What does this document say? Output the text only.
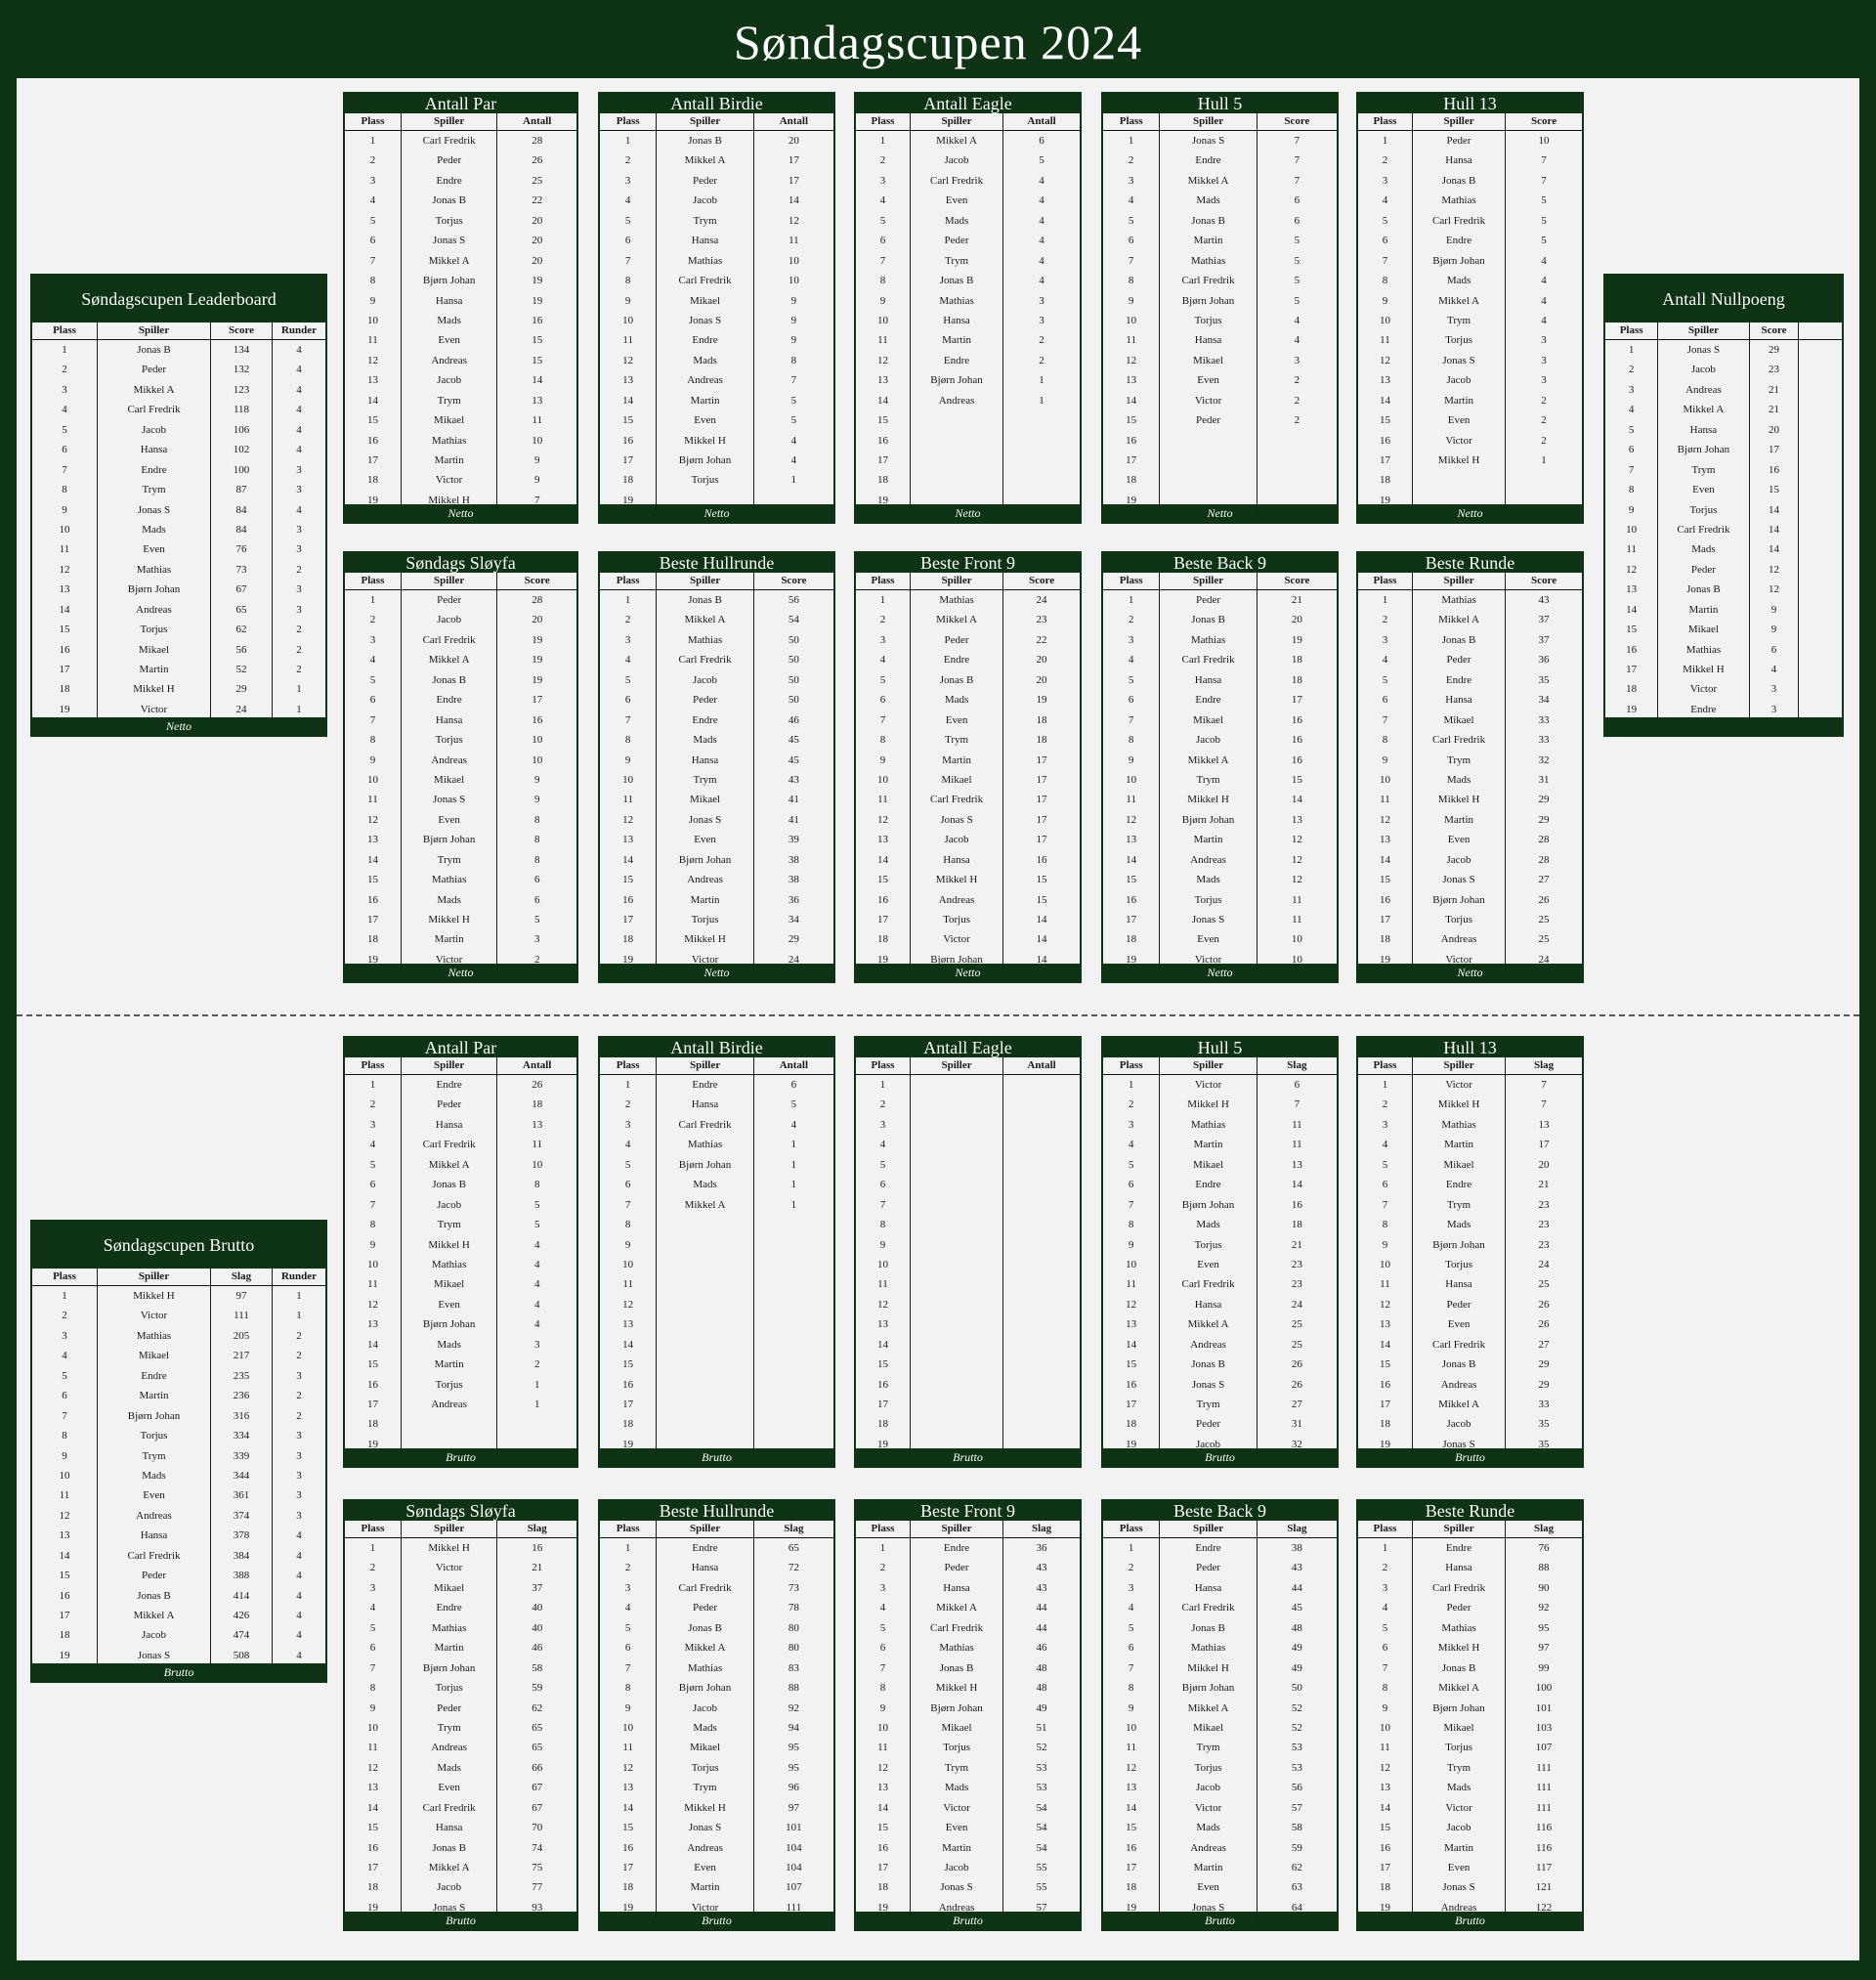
Søndagscupen 2024
Søndagscupen Leaderboard
Plass	Spiller	Score	Runder
1	Jonas B	134	4
2	Peder	132	4
3	Mikkel A	123	4
4	Carl Fredrik	118	4
5	Jacob	106	4
6	Hansa	102	4
7	Endre	100	3
8	Trym	87	3
9	Jonas S	84	4
10	Mads	84	3
11	Even	76	3
12	Mathias	73	2
13	Bjørn Johan	67	3
14	Andreas	65	3
15	Torjus	62	2
16	Mikael	56	2
17	Martin	52	2
18	Mikkel H	29	1
19	Victor	24	1
Netto
Søndagscupen Brutto
Plass	Spiller	Slag	Runder
1	Mikkel H	97	1
2	Victor	111	1
3	Mathias	205	2
4	Mikael	217	2
5	Endre	235	3
6	Martin	236	2
7	Bjørn Johan	316	2
8	Torjus	334	3
9	Trym	339	3
10	Mads	344	3
11	Even	361	3
12	Andreas	374	3
13	Hansa	378	4
14	Carl Fredrik	384	4
15	Peder	388	4
16	Jonas B	414	4
17	Mikkel A	426	4
18	Jacob	474	4
19	Jonas S	508	4
Brutto
Antall Nullpoeng
Plass	Spiller	Score
1	Jonas S	29
2	Jacob	23
3	Andreas	21
4	Mikkel A	21
5	Hansa	20
6	Bjørn Johan	17
7	Trym	16
8	Even	15
9	Torjus	14
10	Carl Fredrik	14
11	Mads	14
12	Peder	12
13	Jonas B	12
14	Martin	9
15	Mikael	9
16	Mathias	6
17	Mikkel H	4
18	Victor	3
19	Endre	3
Antall Par
Plass	Spiller	Antall
1	Carl Fredrik	28
2	Peder	26
3	Endre	25
4	Jonas B	22
5	Torjus	20
6	Jonas S	20
7	Mikkel A	20
8	Bjørn Johan	19
9	Hansa	19
10	Mads	16
11	Even	15
12	Andreas	15
13	Jacob	14
14	Trym	13
15	Mikael	11
16	Mathias	10
17	Martin	9
18	Victor	9
19	Mikkel H	7
Netto
Antall Birdie
Plass	Spiller	Antall
1	Jonas B	20
2	Mikkel A	17
3	Peder	17
4	Jacob	14
5	Trym	12
6	Hansa	11
7	Mathias	10
8	Carl Fredrik	10
9	Mikael	9
10	Jonas S	9
11	Endre	9
12	Mads	8
13	Andreas	7
14	Martin	5
15	Even	5
16	Mikkel H	4
17	Bjørn Johan	4
18	Torjus	1
19
Netto
Antall Eagle
Plass	Spiller	Antall
1	Mikkel A	6
2	Jacob	5
3	Carl Fredrik	4
4	Even	4
5	Mads	4
6	Peder	4
7	Trym	4
8	Jonas B	4
9	Mathias	3
10	Hansa	3
11	Martin	2
12	Endre	2
13	Bjørn Johan	1
14	Andreas	1
15
16
17
18
19
Netto
Hull 5
Plass	Spiller	Score
1	Jonas S	7
2	Endre	7
3	Mikkel A	7
4	Mads	6
5	Jonas B	6
6	Martin	5
7	Mathias	5
8	Carl Fredrik	5
9	Bjørn Johan	5
10	Torjus	4
11	Hansa	4
12	Mikael	3
13	Even	2
14	Victor	2
15	Peder	2
16
17
18
19
Netto
Hull 13
Plass	Spiller	Score
1	Peder	10
2	Hansa	7
3	Jonas B	7
4	Mathias	5
5	Carl Fredrik	5
6	Endre	5
7	Bjørn Johan	4
8	Mads	4
9	Mikkel A	4
10	Trym	4
11	Torjus	3
12	Jonas S	3
13	Jacob	3
14	Martin	2
15	Even	2
16	Victor	2
17	Mikkel H	1
18
19
Netto
Søndags Sløyfa
Plass	Spiller	Score
1	Peder	28
2	Jacob	20
3	Carl Fredrik	19
4	Mikkel A	19
5	Jonas B	19
6	Endre	17
7	Hansa	16
8	Torjus	10
9	Andreas	10
10	Mikael	9
11	Jonas S	9
12	Even	8
13	Bjørn Johan	8
14	Trym	8
15	Mathias	6
16	Mads	6
17	Mikkel H	5
18	Martin	3
19	Victor	2
Netto
Beste Hullrunde
Plass	Spiller	Score
1	Jonas B	56
2	Mikkel A	54
3	Mathias	50
4	Carl Fredrik	50
5	Jacob	50
6	Peder	50
7	Endre	46
8	Mads	45
9	Hansa	45
10	Trym	43
11	Mikael	41
12	Jonas S	41
13	Even	39
14	Bjørn Johan	38
15	Andreas	38
16	Martin	36
17	Torjus	34
18	Mikkel H	29
19	Victor	24
Netto
Beste Front 9
Plass	Spiller	Score
1	Mathias	24
2	Mikkel A	23
3	Peder	22
4	Endre	20
5	Jonas B	20
6	Mads	19
7	Even	18
8	Trym	18
9	Martin	17
10	Mikael	17
11	Carl Fredrik	17
12	Jonas S	17
13	Jacob	17
14	Hansa	16
15	Mikkel H	15
16	Andreas	15
17	Torjus	14
18	Victor	14
19	Bjørn Johan	14
Netto
Beste Back 9
Plass	Spiller	Score
1	Peder	21
2	Jonas B	20
3	Mathias	19
4	Carl Fredrik	18
5	Hansa	18
6	Endre	17
7	Mikael	16
8	Jacob	16
9	Mikkel A	16
10	Trym	15
11	Mikkel H	14
12	Bjørn Johan	13
13	Martin	12
14	Andreas	12
15	Mads	12
16	Torjus	11
17	Jonas S	11
18	Even	10
19	Victor	10
Netto
Beste Runde
Plass	Spiller	Score
1	Mathias	43
2	Mikkel A	37
3	Jonas B	37
4	Peder	36
5	Endre	35
6	Hansa	34
7	Mikael	33
8	Carl Fredrik	33
9	Trym	32
10	Mads	31
11	Mikkel H	29
12	Martin	29
13	Even	28
14	Jacob	28
15	Jonas S	27
16	Bjørn Johan	26
17	Torjus	25
18	Andreas	25
19	Victor	24
Netto
Antall Par
Plass	Spiller	Antall
1	Endre	26
2	Peder	18
3	Hansa	13
4	Carl Fredrik	11
5	Mikkel A	10
6	Jonas B	8
7	Jacob	5
8	Trym	5
9	Mikkel H	4
10	Mathias	4
11	Mikael	4
12	Even	4
13	Bjørn Johan	4
14	Mads	3
15	Martin	2
16	Torjus	1
17	Andreas	1
18
19
Brutto
Antall Birdie
Plass	Spiller	Antall
1	Endre	6
2	Hansa	5
3	Carl Fredrik	4
4	Mathias	1
5	Bjørn Johan	1
6	Mads	1
7	Mikkel A	1
8
9
10
11
12
13
14
15
16
17
18
19
Brutto
Antall Eagle
Plass	Spiller	Antall
1
2
3
4
5
6
7
8
9
10
11
12
13
14
15
16
17
18
19
Brutto
Hull 5
Plass	Spiller	Slag
1	Victor	6
2	Mikkel H	7
3	Mathias	11
4	Martin	11
5	Mikael	13
6	Endre	14
7	Bjørn Johan	16
8	Mads	18
9	Torjus	21
10	Even	23
11	Carl Fredrik	23
12	Hansa	24
13	Mikkel A	25
14	Andreas	25
15	Jonas B	26
16	Jonas S	26
17	Trym	27
18	Peder	31
19	Jacob	32
Brutto
Hull 13
Plass	Spiller	Slag
1	Victor	7
2	Mikkel H	7
3	Mathias	13
4	Martin	17
5	Mikael	20
6	Endre	21
7	Trym	23
8	Mads	23
9	Bjørn Johan	23
10	Torjus	24
11	Hansa	25
12	Peder	26
13	Even	26
14	Carl Fredrik	27
15	Jonas B	29
16	Andreas	29
17	Mikkel A	33
18	Jacob	35
19	Jonas S	35
Brutto
Søndags Sløyfa
Plass	Spiller	Slag
1	Mikkel H	16
2	Victor	21
3	Mikael	37
4	Endre	40
5	Mathias	40
6	Martin	46
7	Bjørn Johan	58
8	Torjus	59
9	Peder	62
10	Trym	65
11	Andreas	65
12	Mads	66
13	Even	67
14	Carl Fredrik	67
15	Hansa	70
16	Jonas B	74
17	Mikkel A	75
18	Jacob	77
19	Jonas S	93
Brutto
Beste Hullrunde
Plass	Spiller	Slag
1	Endre	65
2	Hansa	72
3	Carl Fredrik	73
4	Peder	78
5	Jonas B	80
6	Mikkel A	80
7	Mathias	83
8	Bjørn Johan	88
9	Jacob	92
10	Mads	94
11	Mikael	95
12	Torjus	95
13	Trym	96
14	Mikkel H	97
15	Jonas S	101
16	Andreas	104
17	Even	104
18	Martin	107
19	Victor	111
Brutto
Beste Front 9
Plass	Spiller	Slag
1	Endre	36
2	Peder	43
3	Hansa	43
4	Mikkel A	44
5	Carl Fredrik	44
6	Mathias	46
7	Jonas B	48
8	Mikkel H	48
9	Bjørn Johan	49
10	Mikael	51
11	Torjus	52
12	Trym	53
13	Mads	53
14	Victor	54
15	Even	54
16	Martin	54
17	Jacob	55
18	Jonas S	55
19	Andreas	57
Brutto
Beste Back 9
Plass	Spiller	Slag
1	Endre	38
2	Peder	43
3	Hansa	44
4	Carl Fredrik	45
5	Jonas B	48
6	Mathias	49
7	Mikkel H	49
8	Bjørn Johan	50
9	Mikkel A	52
10	Mikael	52
11	Trym	53
12	Torjus	53
13	Jacob	56
14	Victor	57
15	Mads	58
16	Andreas	59
17	Martin	62
18	Even	63
19	Jonas S	64
Brutto
Beste Runde
Plass	Spiller	Slag
1	Endre	76
2	Hansa	88
3	Carl Fredrik	90
4	Peder	92
5	Mathias	95
6	Mikkel H	97
7	Jonas B	99
8	Mikkel A	100
9	Bjørn Johan	101
10	Mikael	103
11	Torjus	107
12	Trym	111
13	Mads	111
14	Victor	111
15	Jacob	116
16	Martin	116
17	Even	117
18	Jonas S	121
19	Andreas	122
Brutto
